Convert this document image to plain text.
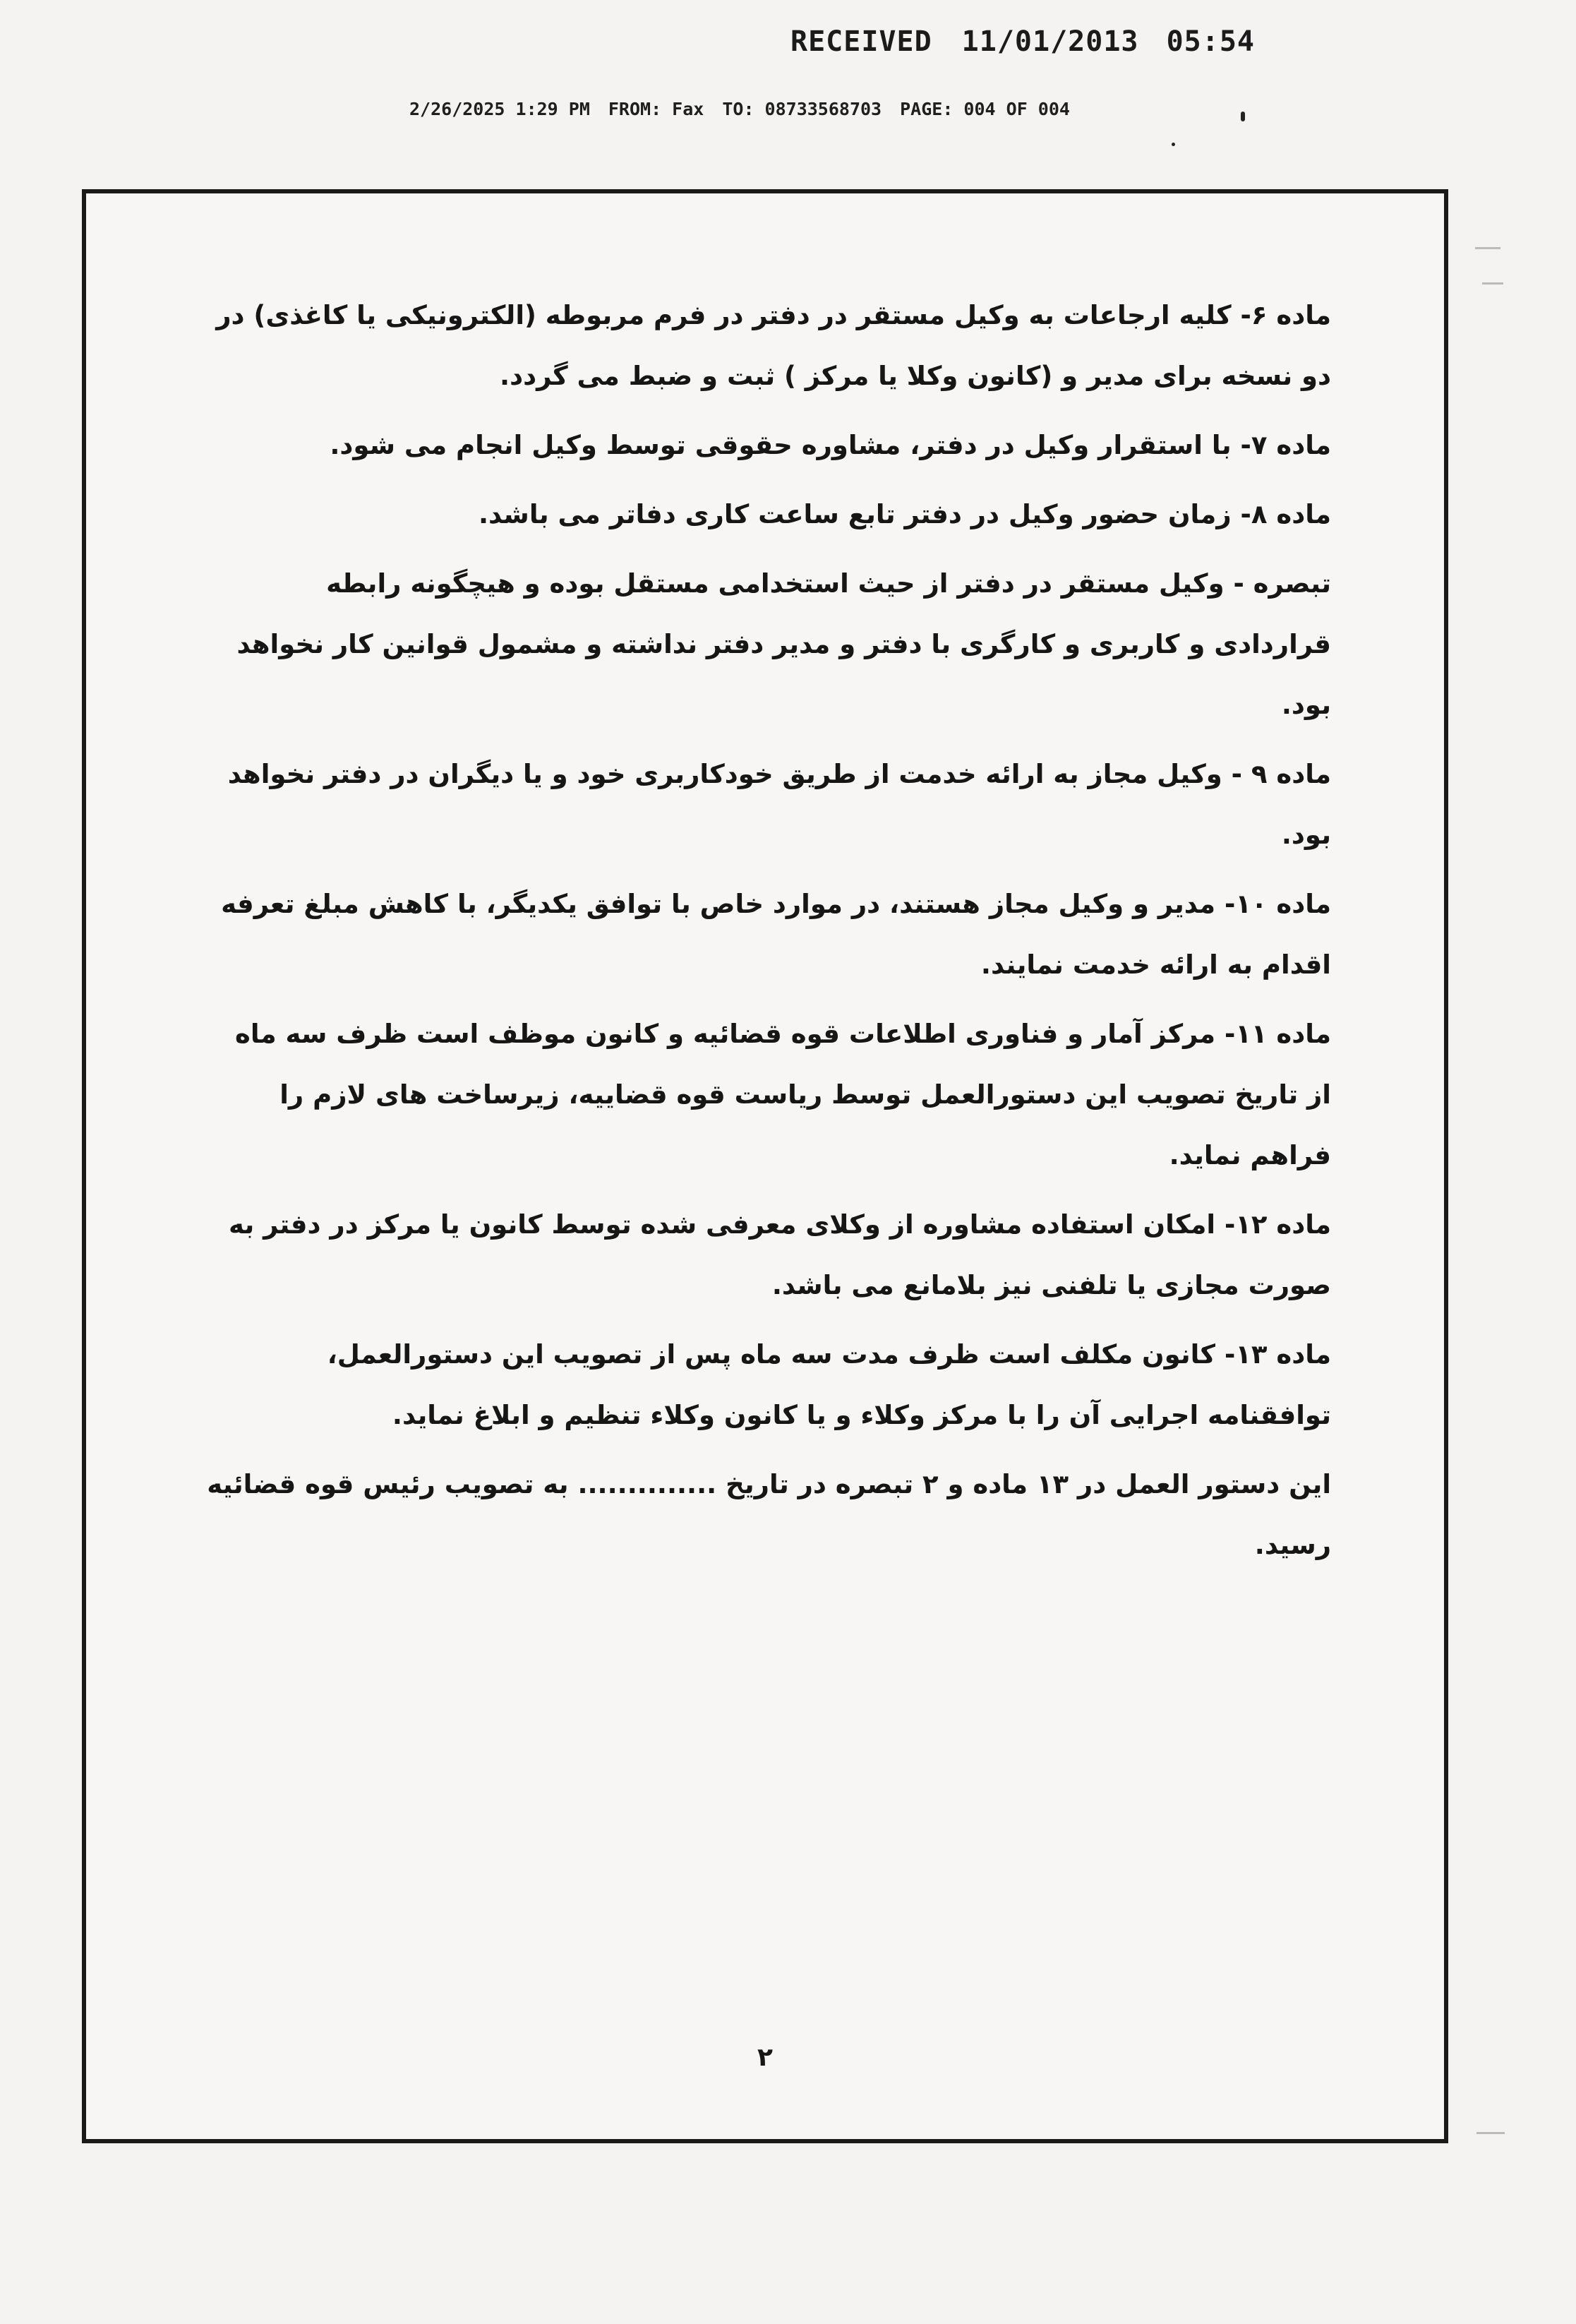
RECEIVED 11/01/2013 05:54
2/26/2025 1:29 PM FROM: Fax TO: 08733568703 PAGE: 004 OF 004

ماده ۶- کلیه ارجاعات به وکیل مستقر در دفتر در فرم مربوطه (الکترونیکی یا کاغذی) در دو نسخه برای مدیر و (کانون وکلا یا مرکز ) ثبت و ضبط می گردد.

ماده ۷- با استقرار وکیل در دفتر، مشاوره حقوقی توسط وکیل انجام می شود.

ماده ۸- زمان حضور وکیل در دفتر تابع ساعت کاری دفاتر می باشد.

تبصره - وکیل مستقر در دفتر از حیث استخدامی مستقل بوده و هیچگونه رابطه قراردادی و کاربری و کارگری با دفتر و مدیر دفتر نداشته و مشمول قوانین کار نخواهد بود.

ماده ۹ - وکیل مجاز به ارائه خدمت از طریق خودکاربری خود و یا دیگران در دفتر نخواهد بود.

ماده ۱۰- مدیر و وکیل مجاز هستند، در موارد خاص با توافق یکدیگر، با کاهش مبلغ تعرفه اقدام به ارائه خدمت نمایند.

ماده ۱۱- مرکز آمار و فناوری اطلاعات قوه قضائیه و کانون موظف است ظرف سه ماه از تاریخ تصویب این دستورالعمل توسط ریاست قوه قضاییه، زیرساخت های لازم را فراهم نماید.

ماده ۱۲- امکان استفاده مشاوره از وکلای معرفی شده توسط کانون یا مرکز در دفتر به صورت مجازی یا تلفنی نیز بلامانع می باشد.

ماده ۱۳- کانون مکلف است ظرف مدت سه ماه پس از تصویب این دستورالعمل، توافقنامه اجرایی آن را با مرکز وکلاء و یا کانون وکلاء تنظیم و ابلاغ نماید.

این دستور العمل در ۱۳ ماده و ۲ تبصره در تاریخ .............. به تصویب رئیس قوه قضائیه رسید.

۲
